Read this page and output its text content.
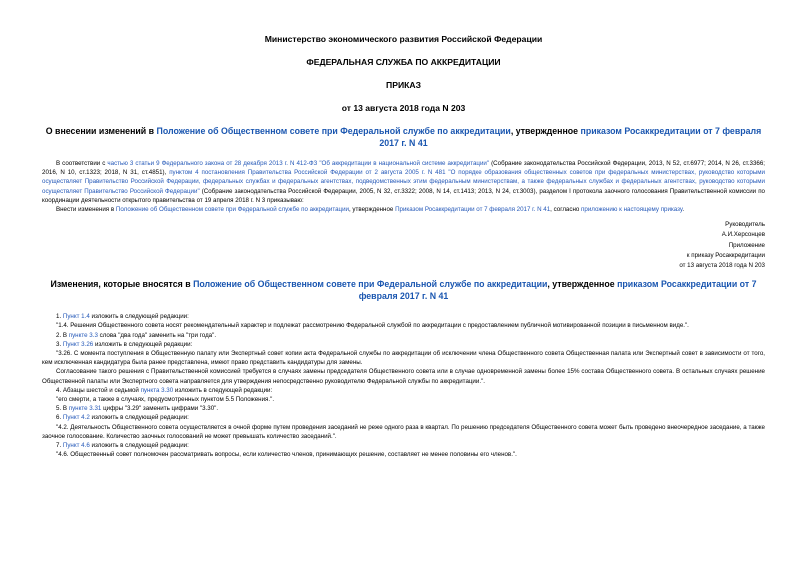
Министерство экономического развития Российской Федерации
ФЕДЕРАЛЬНАЯ СЛУЖБА ПО АККРЕДИТАЦИИ
ПРИКАЗ
от 13 августа 2018 года N 203
О внесении изменений в Положение об Общественном совете при Федеральной службе по аккредитации, утвержденное приказом Росаккредитации от 7 февраля 2017 г. N 41

В соответствии с частью 3 статьи 9 Федерального закона от 28 декабря 2013 г. N 412-ФЗ "Об аккредитации в национальной системе аккредитации" (Собрание законодательства Российской Федерации, 2013, N 52, ст.6977; 2014, N 26, ст.3366; 2016, N 10, ст.1323; 2018, N 31, ст.4851), пунктом 4 постановления Правительства Российской Федерации от 2 августа 2005 г. N 481 "О порядке образования общественных советов при федеральных министерствах, руководство которыми осуществляет Правительство Российской Федерации, федеральных службах и федеральных агентствах, подведомственных этим федеральным министерствам, а также федеральных службах и федеральных агентствах, руководство которыми осуществляет Правительство Российской Федерации" (Собрание законодательства Российской Федерации, 2005, N 32, ст.3322; 2008, N 14, ст.1413; 2013, N 24, ст.3003), разделом I протокола заочного голосования Правительственной комиссии по координации деятельности открытого правительства от 19 апреля 2018 г. N 3 приказываю:

Внести изменения в Положение об Общественном совете при Федеральной службе по аккредитации, утвержденное Приказом Росаккредитации от 7 февраля 2017 г. N 41, согласно приложению к настоящему приказу.

Руководитель
А.И.Херсонцев
Приложение
к приказу Росаккредитации
от 13 августа 2018 года N 203
Изменения, которые вносятся в Положение об Общественном совете при Федеральной службе по аккредитации, утвержденное приказом Росаккредитации от 7 февраля 2017 г. N 41

1. Пункт 1.4 изложить в следующей редакции:

"1.4. Решения Общественного совета носят рекомендательный характер и подлежат рассмотрению Федеральной службой по аккредитации с предоставлением публичной мотивированной позиции в письменном виде.".

2. В пункте 3.3 слова "два года" заменить на "три года".

3. Пункт 3.26 изложить в следующей редакции:

"3.26. С момента поступления в Общественную палату или Экспертный совет копии акта Федеральной службы по аккредитации об исключении члена Общественного совета Общественная палата или Экспертный совет в зависимости от того, кем исключенная кандидатура была ранее представлена, имеют право представить кандидатуры для замены.

Согласование такого решения с Правительственной комиссией требуется в случаях замены председателя Общественного совета или в случае одновременной замены более 15% состава Общественного совета. В остальных случаях решение Общественной палаты или Экспертного совета направляется для утверждения непосредственно руководителю Федеральной службы по аккредитации.".

4. Абзацы шестой и седьмой пункта 3.30 изложить в следующей редакции:

"его смерти, а также в случаях, предусмотренных пунктом 5.5 Положения.".

5. В пункте 3.31 цифры "3.29" заменить цифрами "3.30".

6. Пункт 4.2 изложить в следующей редакции:

"4.2. Деятельность Общественного совета осуществляется в очной форме путем проведения заседаний не реже одного раза в квартал. По решению председателя Общественного совета может быть проведено внеочередное заседание, а также заочное голосование. Количество заочных голосований не может превышать количество заседаний.".

7. Пункт 4.6 изложить в следующей редакции:

"4.6. Общественный совет полномочен рассматривать вопросы, если количество членов, принимающих решение, составляет не менее половины его членов.".
